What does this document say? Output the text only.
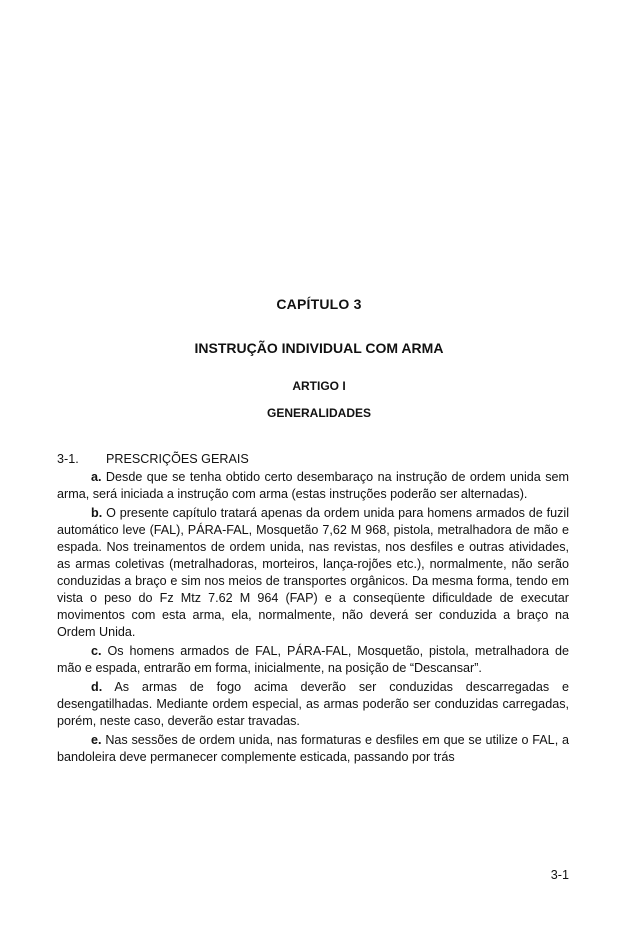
CAPÍTULO 3
INSTRUÇÃO INDIVIDUAL COM ARMA
ARTIGO I
GENERALIDADES
3-1.	PRESCRIÇÕES GERAIS

a. Desde que se tenha obtido certo desembaraço na instrução de ordem unida sem arma, será iniciada a instrução com arma (estas instruções poderão ser alternadas).

b. O presente capítulo tratará apenas da ordem unida para homens armados de fuzil automático leve (FAL), PÁRA-FAL, Mosquetão 7,62 M 968, pistola, metralhadora de mão e espada. Nos treinamentos de ordem unida, nas revistas, nos desfiles e outras atividades, as armas coletivas (metralhadoras, morteiros, lança-rojões etc.), normalmente, não serão conduzidas a braço e sim nos meios de transportes orgânicos. Da mesma forma, tendo em vista o peso do Fz Mtz 7.62 M 964 (FAP) e a conseqüente dificuldade de executar movimentos com esta arma, ela, normalmente, não deverá ser conduzida a braço na Ordem Unida.

c. Os homens armados de FAL, PÁRA-FAL, Mosquetão, pistola, metralhadora de mão e espada, entrarão em forma, inicialmente, na posição de “Descansar”.

d. As armas de fogo acima deverão ser conduzidas descarregadas e desengatilhadas. Mediante ordem especial, as armas poderão ser conduzidas carregadas, porém, neste caso, deverão estar travadas.

e. Nas sessões de ordem unida, nas formaturas e desfiles em que se utilize o FAL, a bandoleira deve permanecer complemente esticada, passando por trás

3-1
